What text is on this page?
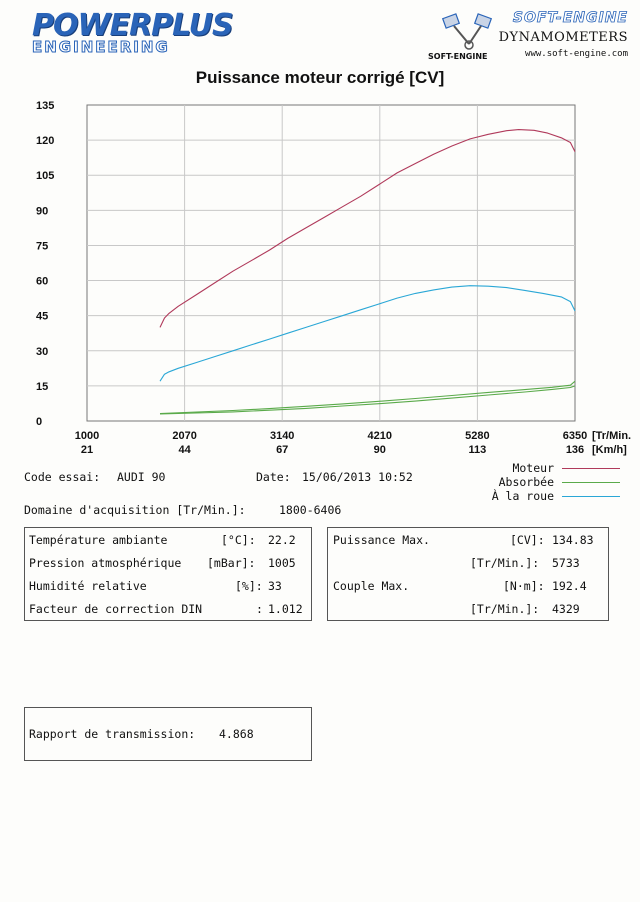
POWERPLUS
ENGINEERING
SOFT-ENGINE
DYNAMOMETERS
www.soft-engine.com
SOFT-ENGINE
Puissance moteur corrigé [CV]
0
15
30
45
60
75
90
105
120
135
1000
21
2070
44
3140
67
4210
90
5280
113
6350
136
[Tr/Min.
[Km/h]
Code essai: AUDI 90	Date: 15/06/2013 10:52
Moteur
Absorbée
À la roue
Domaine d'acquisition [Tr/Min.]:	1800-6406
Température ambiante	[°C]: 22.2
Pression atmosphérique [mBar]: 1005
Humidité relative	[%]: 33
Facteur de correction DIN	: 1.012
Puissance Max.	[CV]: 134.83
[Tr/Min.]: 5733
Couple Max.	[N·m]: 192.4
[Tr/Min.]: 4329
Rapport de transmission: 4.868
